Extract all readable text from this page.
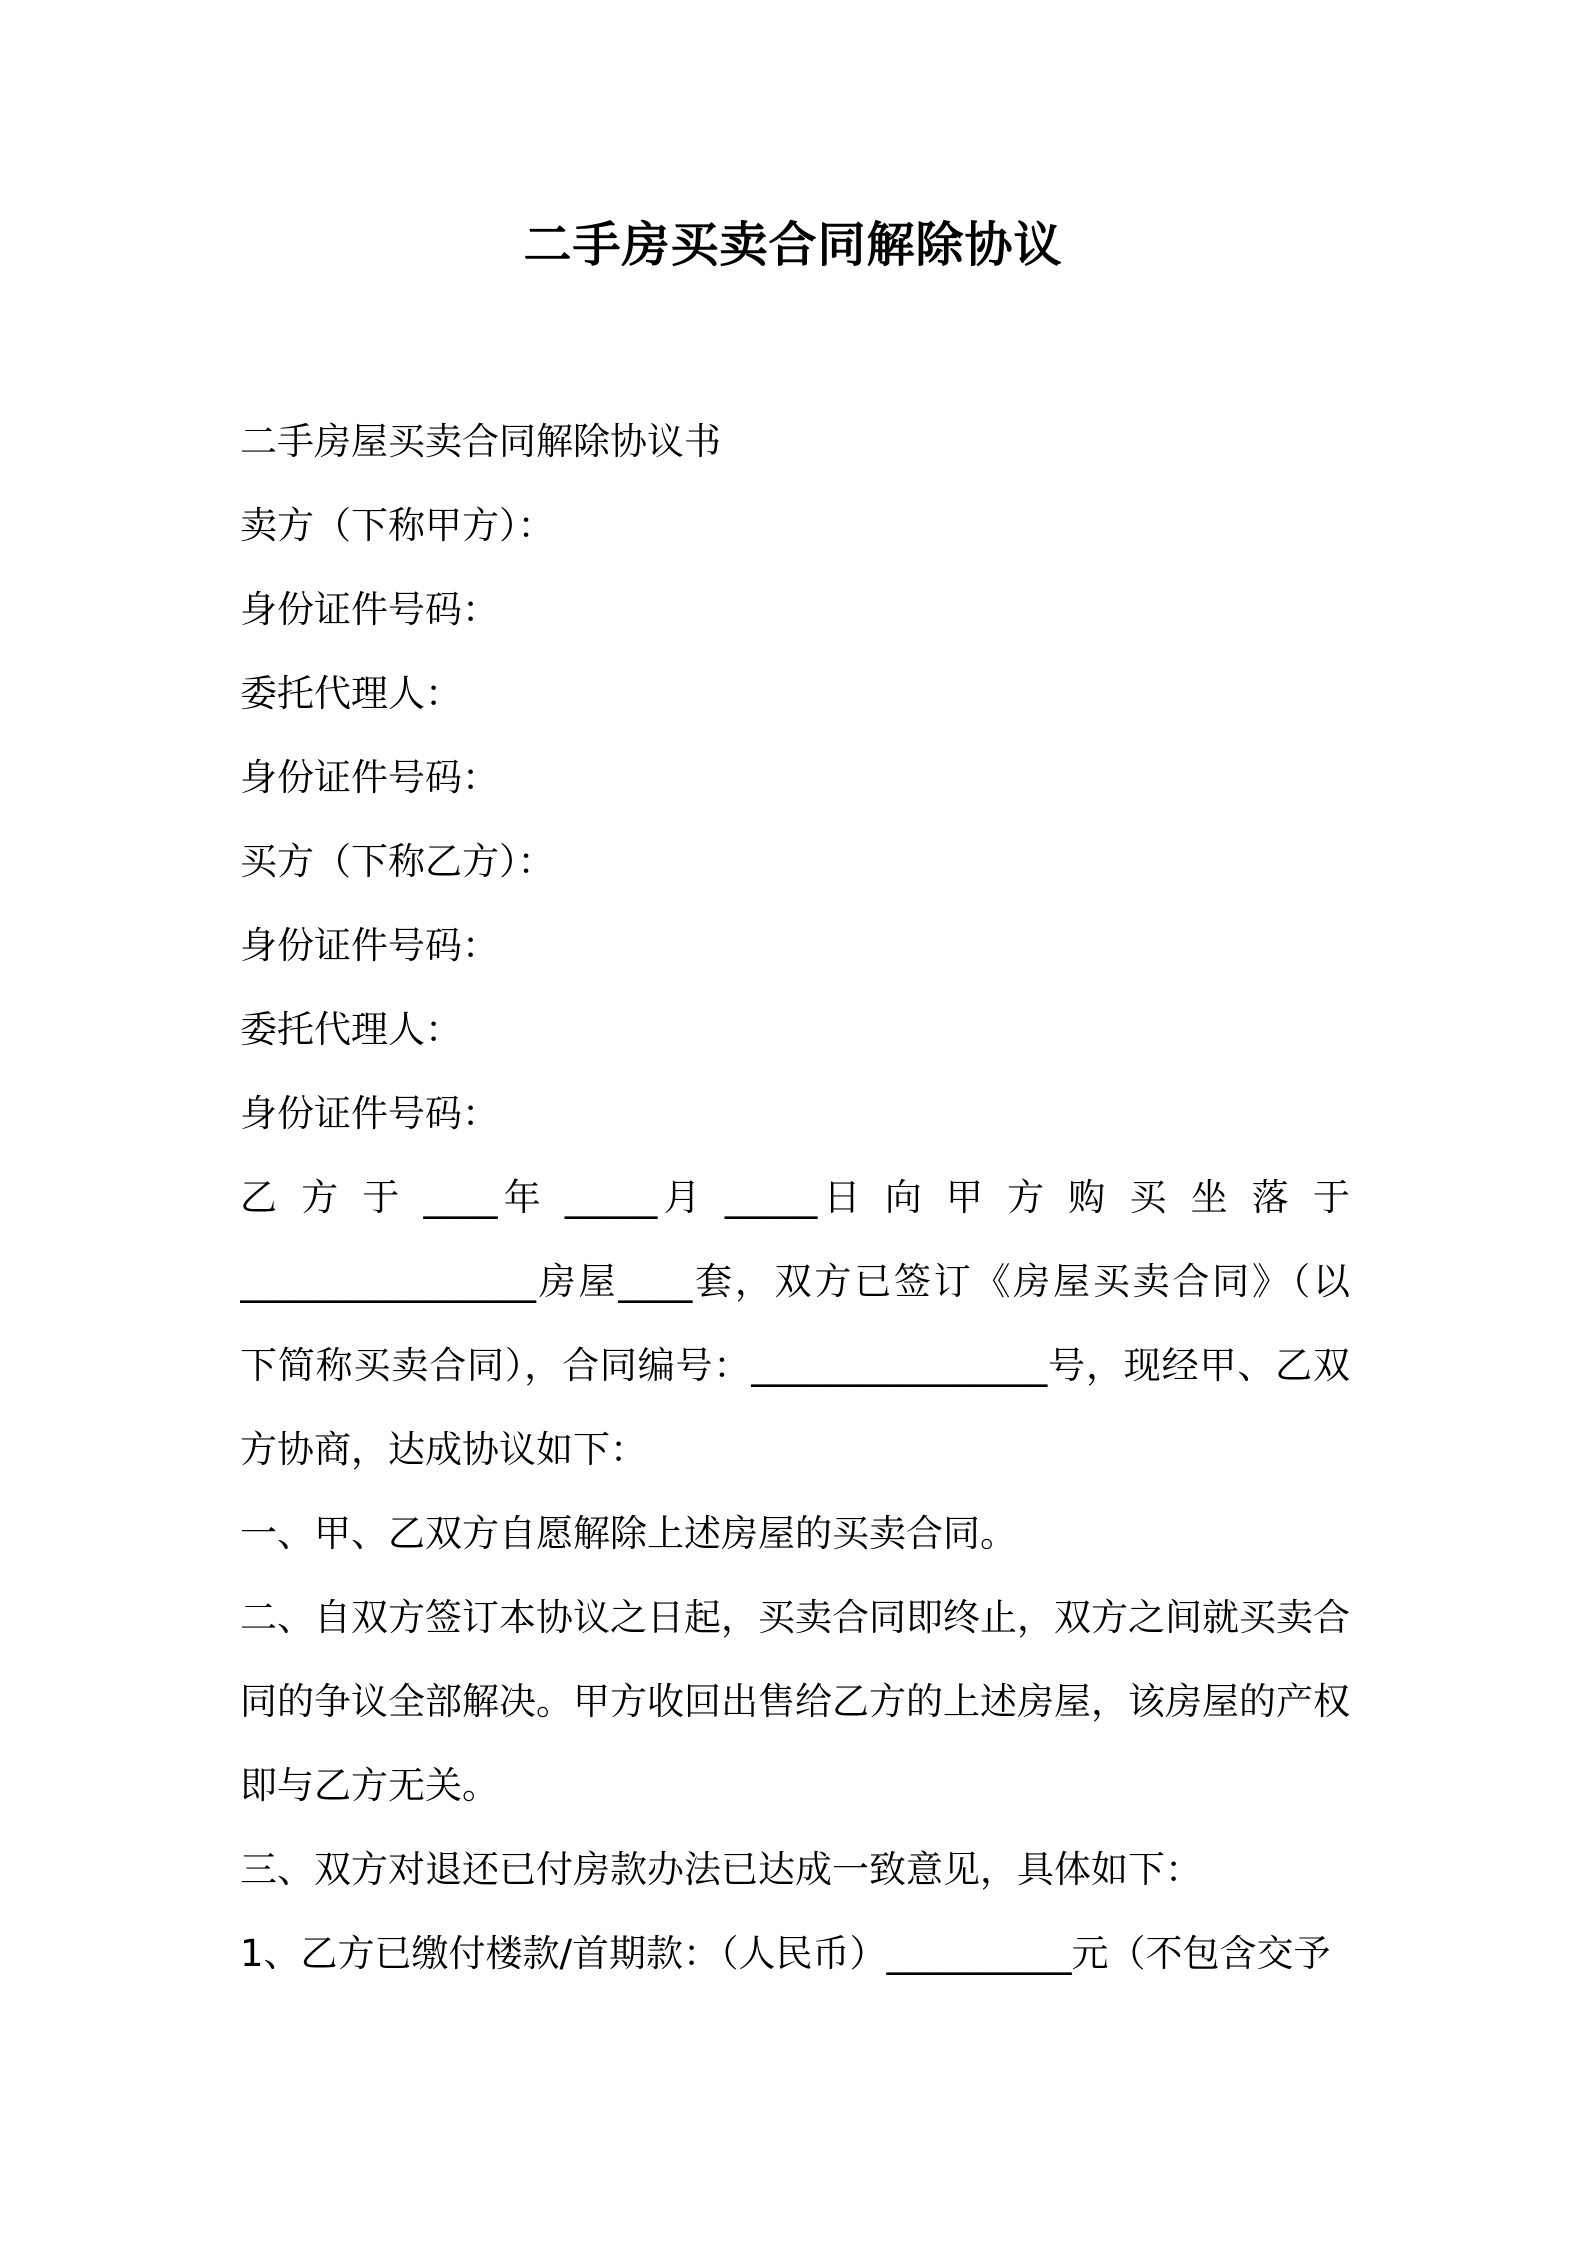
二手房买卖合同解除协议

二手房屋买卖合同解除协议书

卖方（下称甲方）：

身份证件号码：

委托代理人：

身份证件号码：

买方（下称乙方）：

身份证件号码：

委托代理人：

身份证件号码：

乙 方 于 ____年 _____月 _____日 向 甲 方 购 买 坐 落 于
________________房屋____套，双方已签订《房屋买卖合同》（以
下简称买卖合同），合同编号：________________号，现经甲、乙双
方协商，达成协议如下：

一、甲、乙双方自愿解除上述房屋的买卖合同。

二、自双方签订本协议之日起，买卖合同即终止，双方之间就买卖合
同的争议全部解决。甲方收回出售给乙方的上述房屋，该房屋的产权
即与乙方无关。

三、双方对退还已付房款办法已达成一致意见，具体如下：

1、乙方已缴付楼款/首期款：（人民币）__________元（不包含交予
